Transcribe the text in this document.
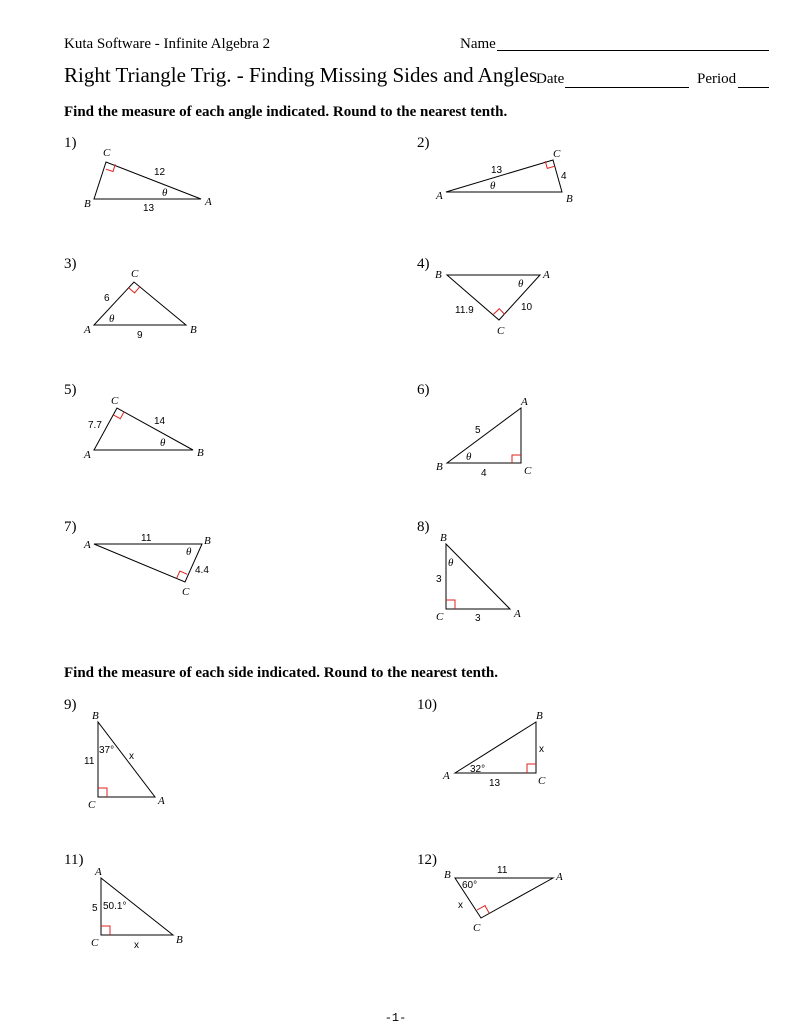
Kuta Software - Infinite Algebra 2	Name
Right Triangle Trig. - Finding Missing Sides and Angles
Date	Period
Find the measure of each angle indicated. Round to the nearest tenth.
Find the measure of each side indicated. Round to the nearest tenth.
1)	2)
3)	4)
5)	6)
7)	8)
9)	10)
11)	12)
C
B	A
12
13
θ
C
A	B
13
4
θ
C
A	B
6
θ
9
B	A
C
θ
11.9	10
C
A	B
7.7	14
θ
A
B	C
5
θ
4
A	B
C
11
θ
4.4
B
C	A
θ
3
3
B
C	A
37°
11	x
B
A	C
x
32°
13
A
C	B
5 50.1°
x
B	A
C
11
60°
x
-1-
